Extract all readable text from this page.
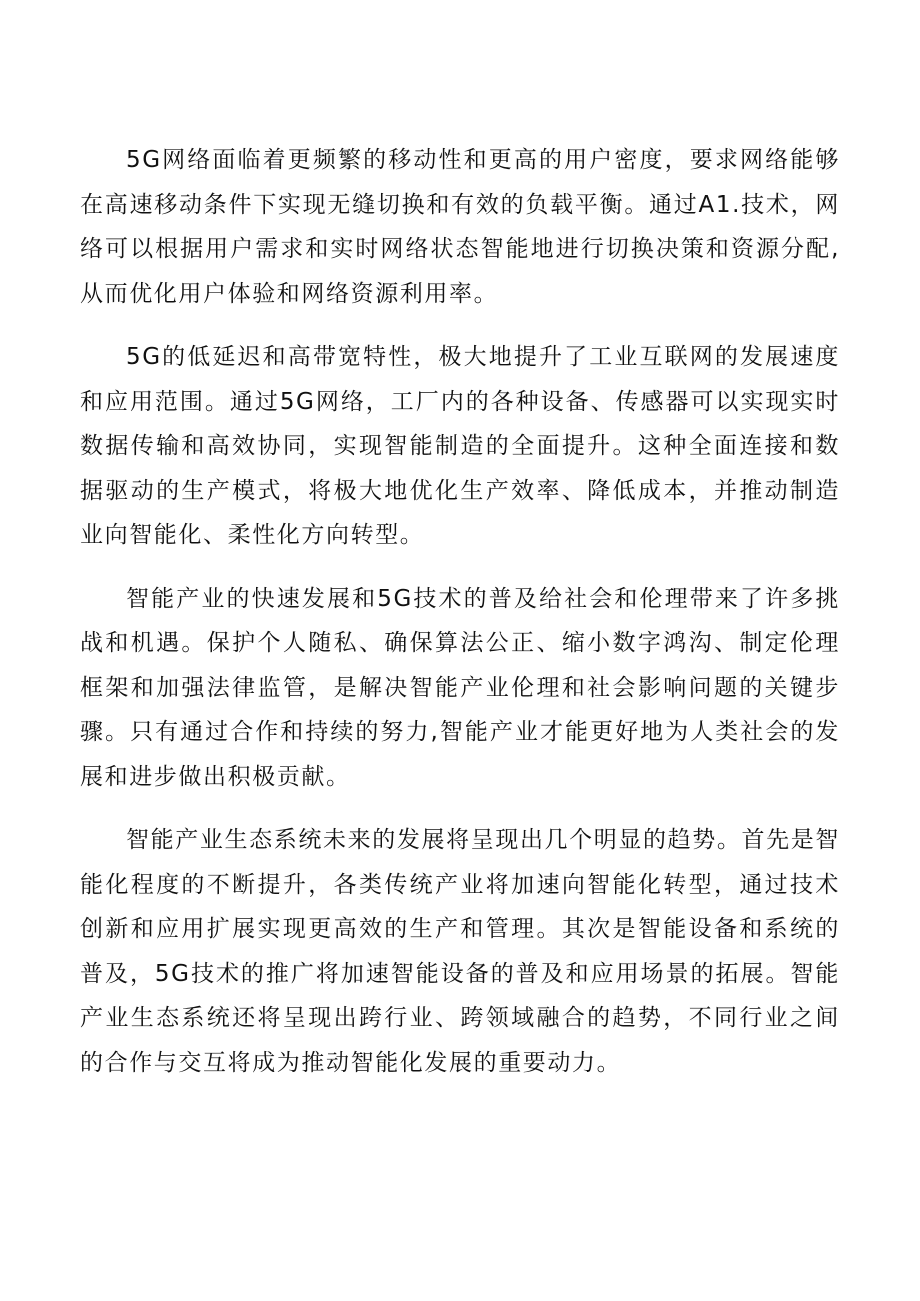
5G网络面临着更频繁的移动性和更高的用户密度，要求网络能够在高速移动条件下实现无缝切换和有效的负载平衡。通过A1.技术，网络可以根据用户需求和实时网络状态智能地进行切换决策和资源分配,从而优化用户体验和网络资源利用率。

5G的低延迟和高带宽特性，极大地提升了工业互联网的发展速度和应用范围。通过5G网络，工厂内的各种设备、传感器可以实现实时数据传输和高效协同，实现智能制造的全面提升。这种全面连接和数据驱动的生产模式，将极大地优化生产效率、降低成本，并推动制造业向智能化、柔性化方向转型。

智能产业的快速发展和5G技术的普及给社会和伦理带来了许多挑战和机遇。保护个人随私、确保算法公正、缩小数字鸿沟、制定伦理框架和加强法律监管，是解决智能产业伦理和社会影响问题的关键步骤。只有通过合作和持续的努力,智能产业才能更好地为人类社会的发展和进步做出积极贡献。

智能产业生态系统未来的发展将呈现出几个明显的趋势。首先是智能化程度的不断提升，各类传统产业将加速向智能化转型，通过技术创新和应用扩展实现更高效的生产和管理。其次是智能设备和系统的普及，5G技术的推广将加速智能设备的普及和应用场景的拓展。智能产业生态系统还将呈现出跨行业、跨领域融合的趋势，不同行业之间的合作与交互将成为推动智能化发展的重要动力。
